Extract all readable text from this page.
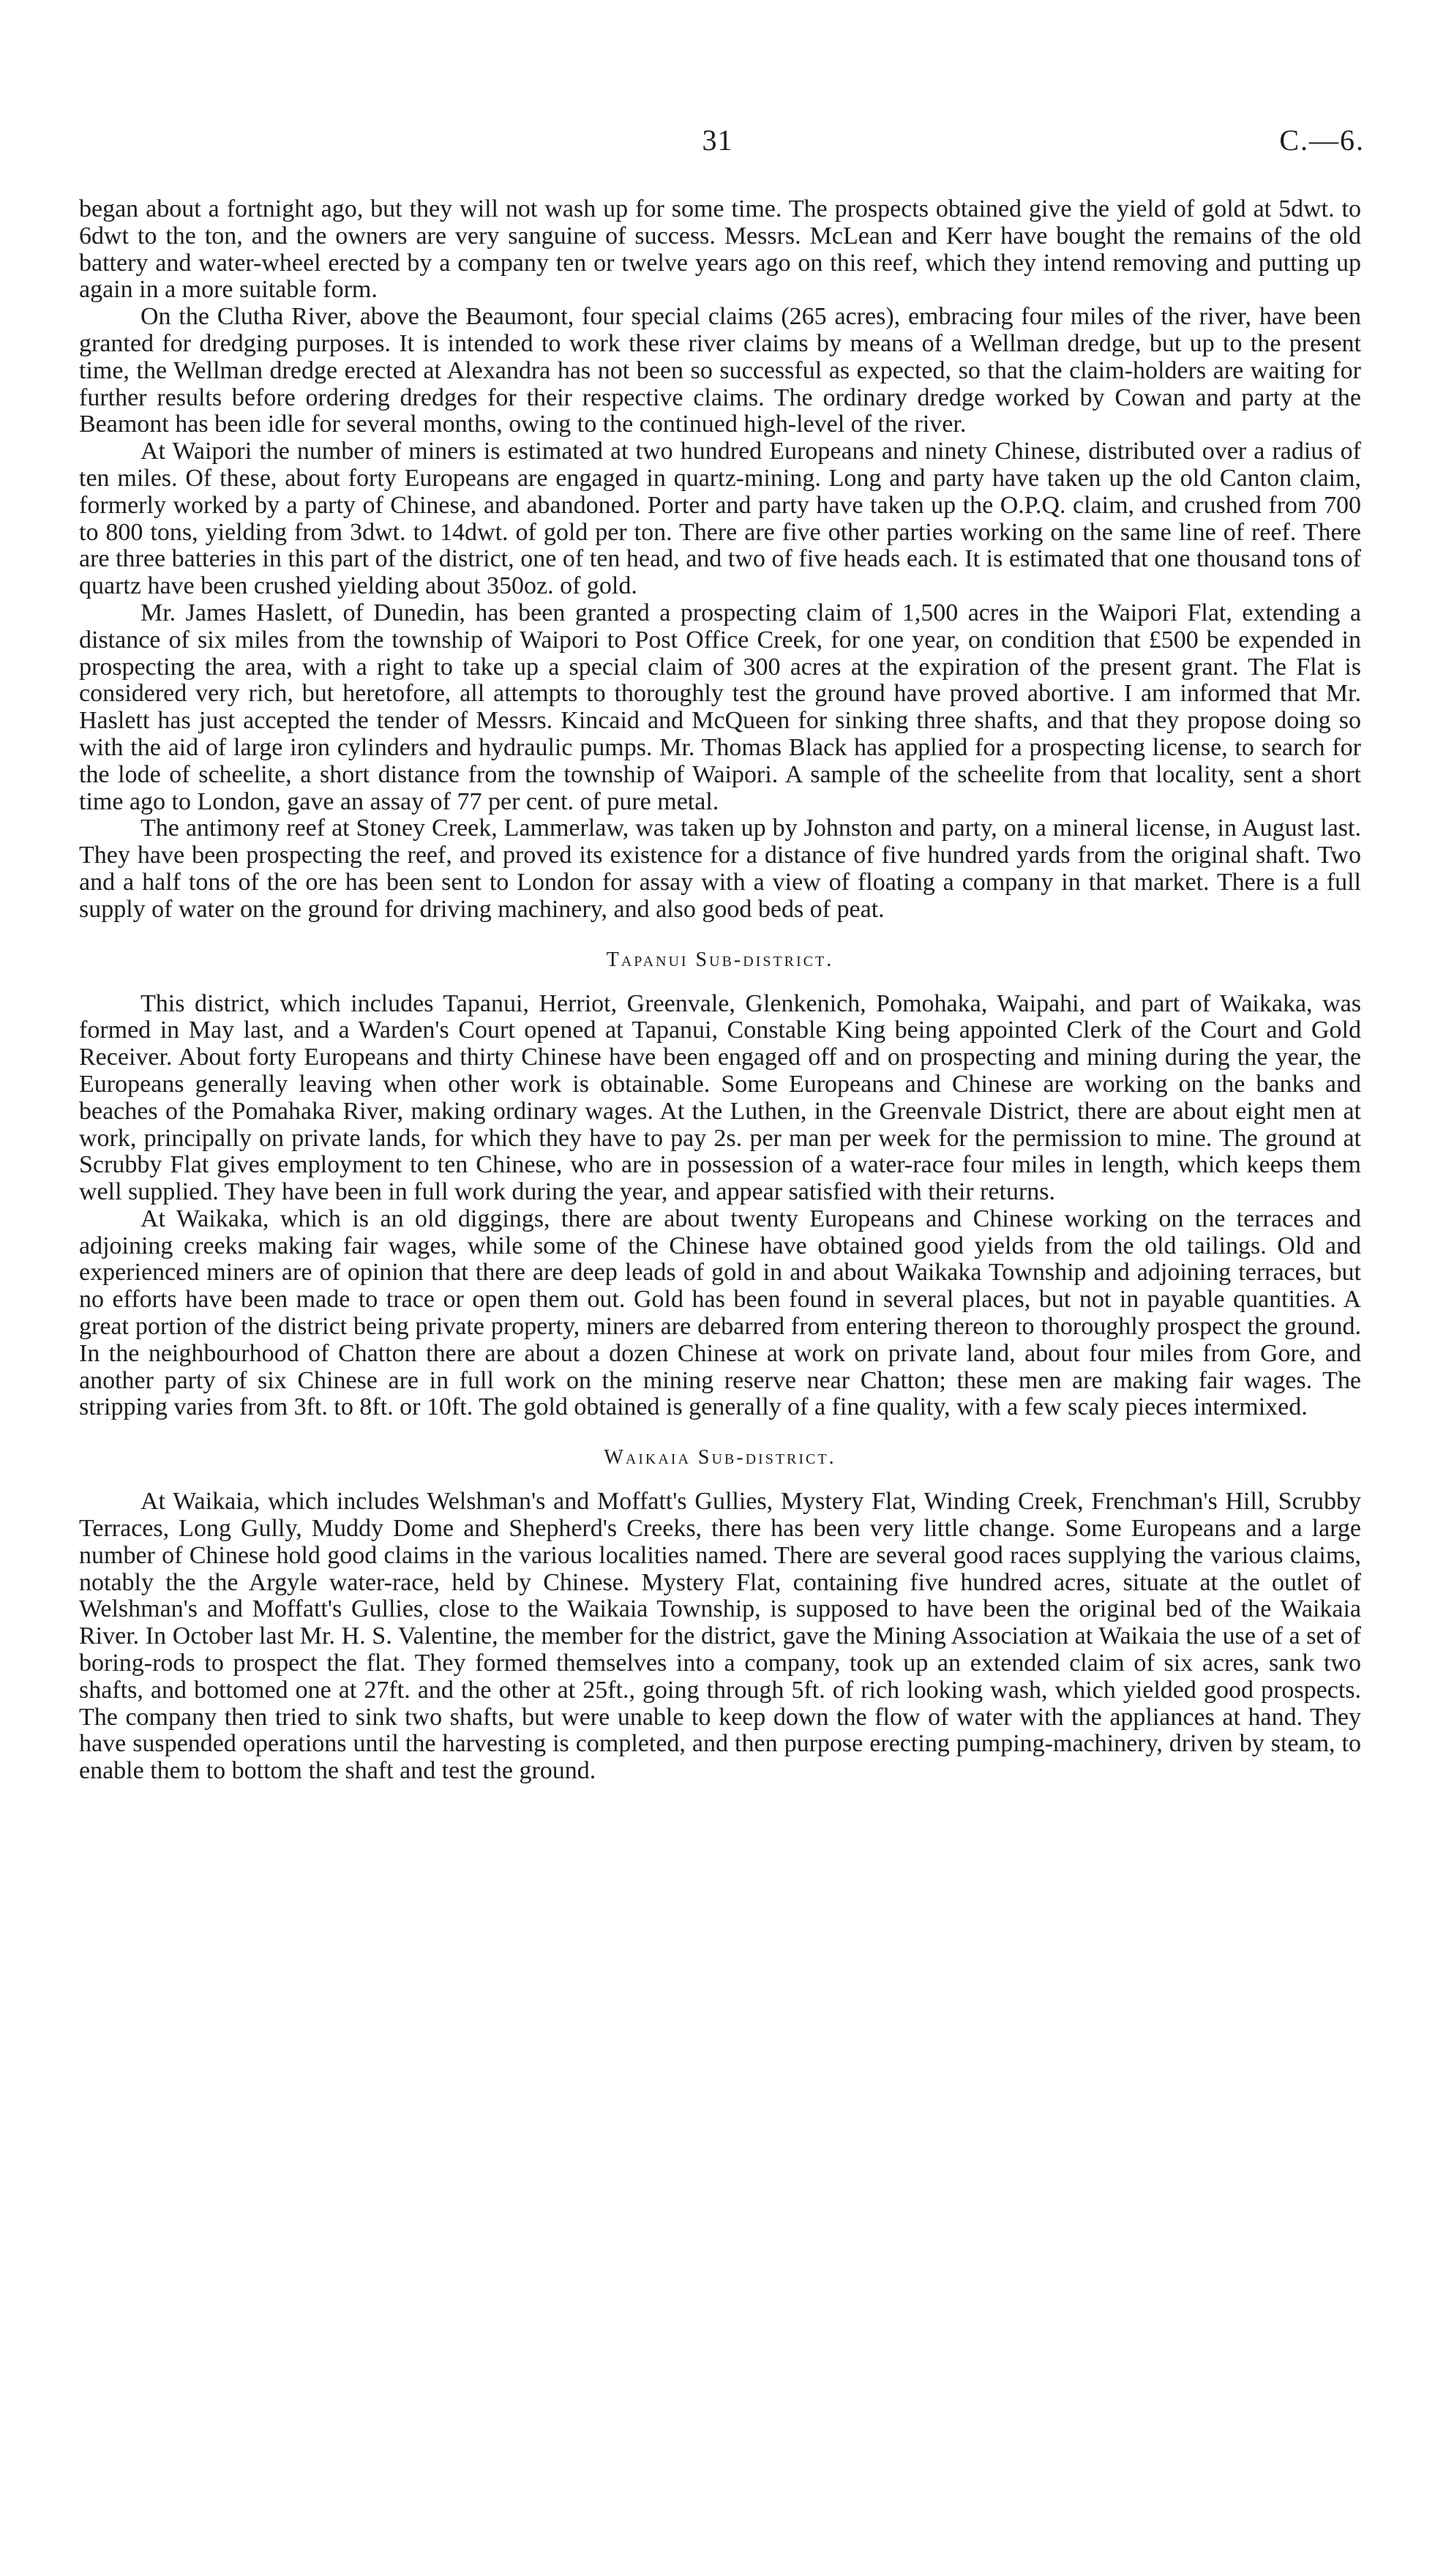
31	C.—6.

began about a fortnight ago, but they will not wash up for some time. The prospects obtained give the yield of gold at 5dwt. to 6dwt to the ton, and the owners are very sanguine of success. Messrs. McLean and Kerr have bought the remains of the old battery and water-wheel erected by a company ten or twelve years ago on this reef, which they intend removing and putting up again in a more suitable form.

On the Clutha River, above the Beaumont, four special claims (265 acres), embracing four miles of the river, have been granted for dredging purposes. It is intended to work these river claims by means of a Wellman dredge, but up to the present time, the Wellman dredge erected at Alexandra has not been so successful as expected, so that the claim-holders are waiting for further results before ordering dredges for their respective claims. The ordinary dredge worked by Cowan and party at the Beamont has been idle for several months, owing to the continued high-level of the river.

At Waipori the number of miners is estimated at two hundred Europeans and ninety Chinese, distributed over a radius of ten miles. Of these, about forty Europeans are engaged in quartz-mining. Long and party have taken up the old Canton claim, formerly worked by a party of Chinese, and abandoned. Porter and party have taken up the O.P.Q. claim, and crushed from 700 to 800 tons, yielding from 3dwt. to 14dwt. of gold per ton. There are five other parties working on the same line of reef. There are three batteries in this part of the district, one of ten head, and two of five heads each. It is estimated that one thousand tons of quartz have been crushed yielding about 350oz. of gold.

Mr. James Haslett, of Dunedin, has been granted a prospecting claim of 1,500 acres in the Waipori Flat, extending a distance of six miles from the township of Waipori to Post Office Creek, for one year, on condition that £500 be expended in prospecting the area, with a right to take up a special claim of 300 acres at the expiration of the present grant. The Flat is considered very rich, but heretofore, all attempts to thoroughly test the ground have proved abortive. I am informed that Mr. Haslett has just accepted the tender of Messrs. Kincaid and McQueen for sinking three shafts, and that they propose doing so with the aid of large iron cylinders and hydraulic pumps. Mr. Thomas Black has applied for a prospecting license, to search for the lode of scheelite, a short distance from the township of Waipori. A sample of the scheelite from that locality, sent a short time ago to London, gave an assay of 77 per cent. of pure metal.

The antimony reef at Stoney Creek, Lammerlaw, was taken up by Johnston and party, on a mineral license, in August last. They have been prospecting the reef, and proved its existence for a distance of five hundred yards from the original shaft. Two and a half tons of the ore has been sent to London for assay with a view of floating a company in that market. There is a full supply of water on the ground for driving machinery, and also good beds of peat.

Tapanui Sub-district.

This district, which includes Tapanui, Herriot, Greenvale, Glenkenich, Pomohaka, Waipahi, and part of Waikaka, was formed in May last, and a Warden's Court opened at Tapanui, Constable King being appointed Clerk of the Court and Gold Receiver. About forty Europeans and thirty Chinese have been engaged off and on prospecting and mining during the year, the Europeans generally leaving when other work is obtainable. Some Europeans and Chinese are working on the banks and beaches of the Pomahaka River, making ordinary wages. At the Luthen, in the Greenvale District, there are about eight men at work, principally on private lands, for which they have to pay 2s. per man per week for the permission to mine. The ground at Scrubby Flat gives employment to ten Chinese, who are in possession of a water-race four miles in length, which keeps them well supplied. They have been in full work during the year, and appear satisfied with their returns.

At Waikaka, which is an old diggings, there are about twenty Europeans and Chinese working on the terraces and adjoining creeks making fair wages, while some of the Chinese have obtained good yields from the old tailings. Old and experienced miners are of opinion that there are deep leads of gold in and about Waikaka Township and adjoining terraces, but no efforts have been made to trace or open them out. Gold has been found in several places, but not in payable quantities. A great portion of the district being private property, miners are debarred from entering thereon to thoroughly prospect the ground. In the neighbourhood of Chatton there are about a dozen Chinese at work on private land, about four miles from Gore, and another party of six Chinese are in full work on the mining reserve near Chatton; these men are making fair wages. The stripping varies from 3ft. to 8ft. or 10ft. The gold obtained is generally of a fine quality, with a few scaly pieces intermixed.

Waikaia Sub-district.

At Waikaia, which includes Welshman's and Moffatt's Gullies, Mystery Flat, Winding Creek, Frenchman's Hill, Scrubby Terraces, Long Gully, Muddy Dome and Shepherd's Creeks, there has been very little change. Some Europeans and a large number of Chinese hold good claims in the various localities named. There are several good races supplying the various claims, notably the the Argyle water-race, held by Chinese. Mystery Flat, containing five hundred acres, situate at the outlet of Welshman's and Moffatt's Gullies, close to the Waikaia Township, is supposed to have been the original bed of the Waikaia River. In October last Mr. H. S. Valentine, the member for the district, gave the Mining Association at Waikaia the use of a set of boring-rods to prospect the flat. They formed themselves into a company, took up an extended claim of six acres, sank two shafts, and bottomed one at 27ft. and the other at 25ft., going through 5ft. of rich looking wash, which yielded good prospects. The company then tried to sink two shafts, but were unable to keep down the flow of water with the appliances at hand. They have suspended operations until the harvesting is completed, and then purpose erecting pumping-machinery, driven by steam, to enable them to bottom the shaft and test the ground.
